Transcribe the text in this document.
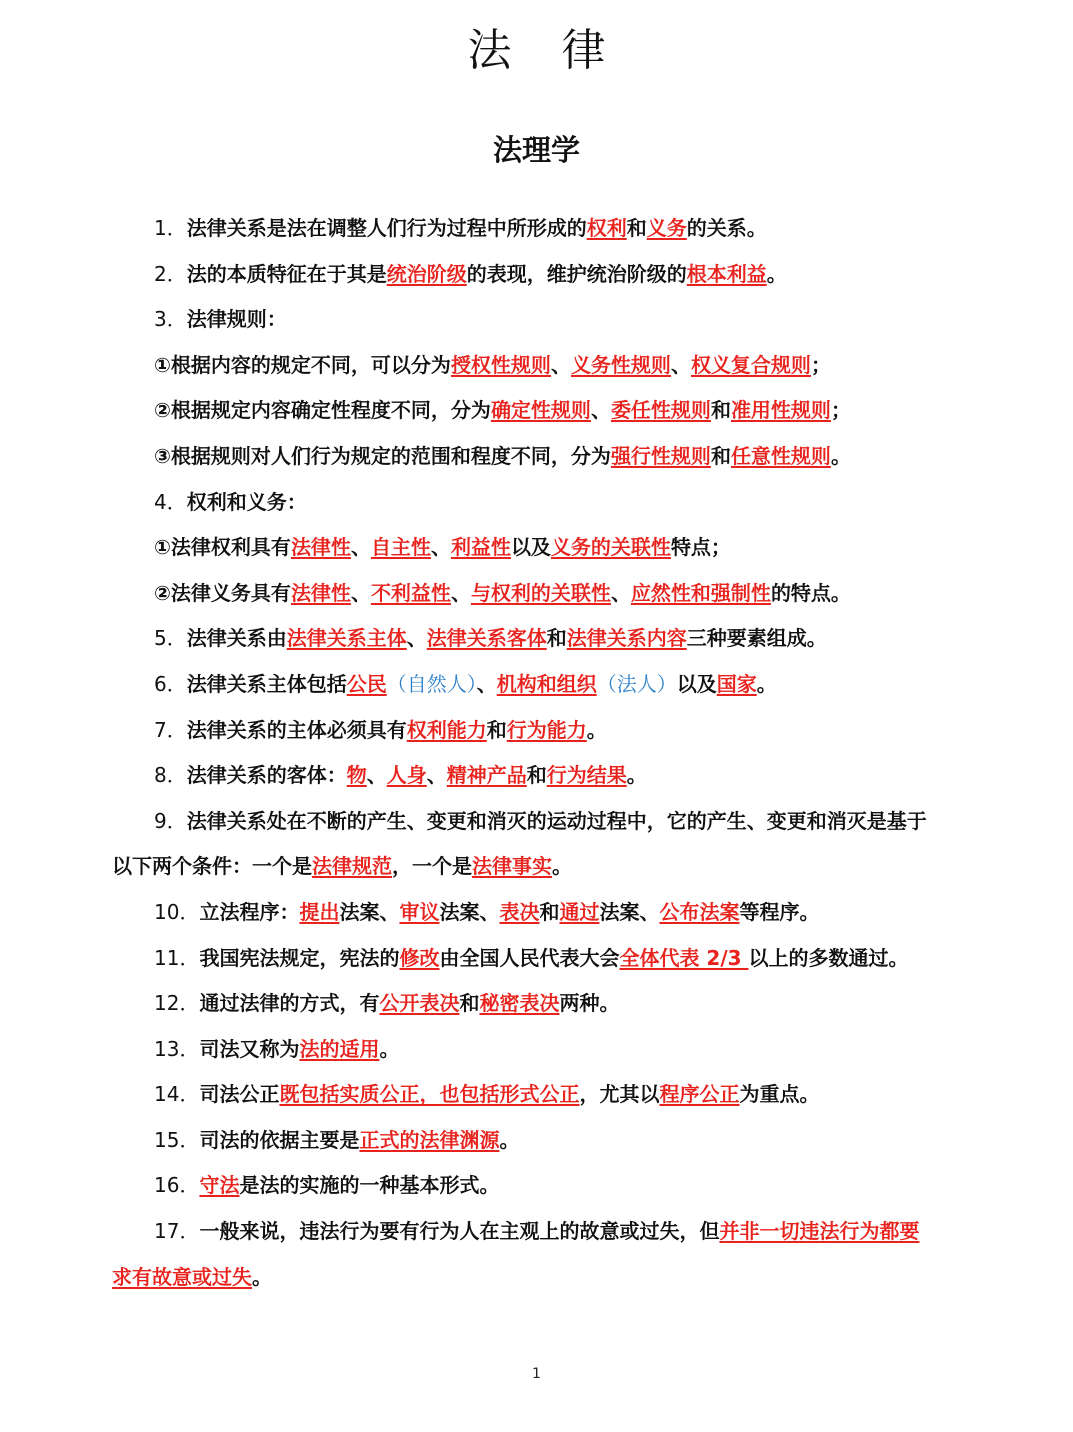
法 律
法理学

1．法律关系是法在调整人们行为过程中所形成的权利和义务的关系。

2．法的本质特征在于其是统治阶级的表现，维护统治阶级的根本利益。

3．法律规则：

①根据内容的规定不同，可以分为授权性规则、义务性规则、权义复合规则；

②根据规定内容确定性程度不同，分为确定性规则、委任性规则和准用性规则；

③根据规则对人们行为规定的范围和程度不同，分为强行性规则和任意性规则。

4．权利和义务：

①法律权利具有法律性、自主性、利益性以及义务的关联性特点；

②法律义务具有法律性、不利益性、与权利的关联性、应然性和强制性的特点。

5．法律关系由法律关系主体、法律关系客体和法律关系内容三种要素组成。

6．法律关系主体包括公民（自然人）、机构和组织（法人）以及国家。

7．法律关系的主体必须具有权利能力和行为能力。

8．法律关系的客体：物、人身、精神产品和行为结果。

9．法律关系处在不断的产生、变更和消灭的运动过程中，它的产生、变更和消灭是基于以下两个条件：一个是法律规范，一个是法律事实。

10．立法程序：提出法案、审议法案、表决和通过法案、公布法案等程序。

11．我国宪法规定，宪法的修改由全国人民代表大会全体代表 2/3 以上的多数通过。

12．通过法律的方式，有公开表决和秘密表决两种。

13．司法又称为法的适用。

14．司法公正既包括实质公正，也包括形式公正，尤其以程序公正为重点。

15．司法的依据主要是正式的法律渊源。

16．守法是法的实施的一种基本形式。

17．一般来说，违法行为要有行为人在主观上的故意或过失，但并非一切违法行为都要求有故意或过失。

1
